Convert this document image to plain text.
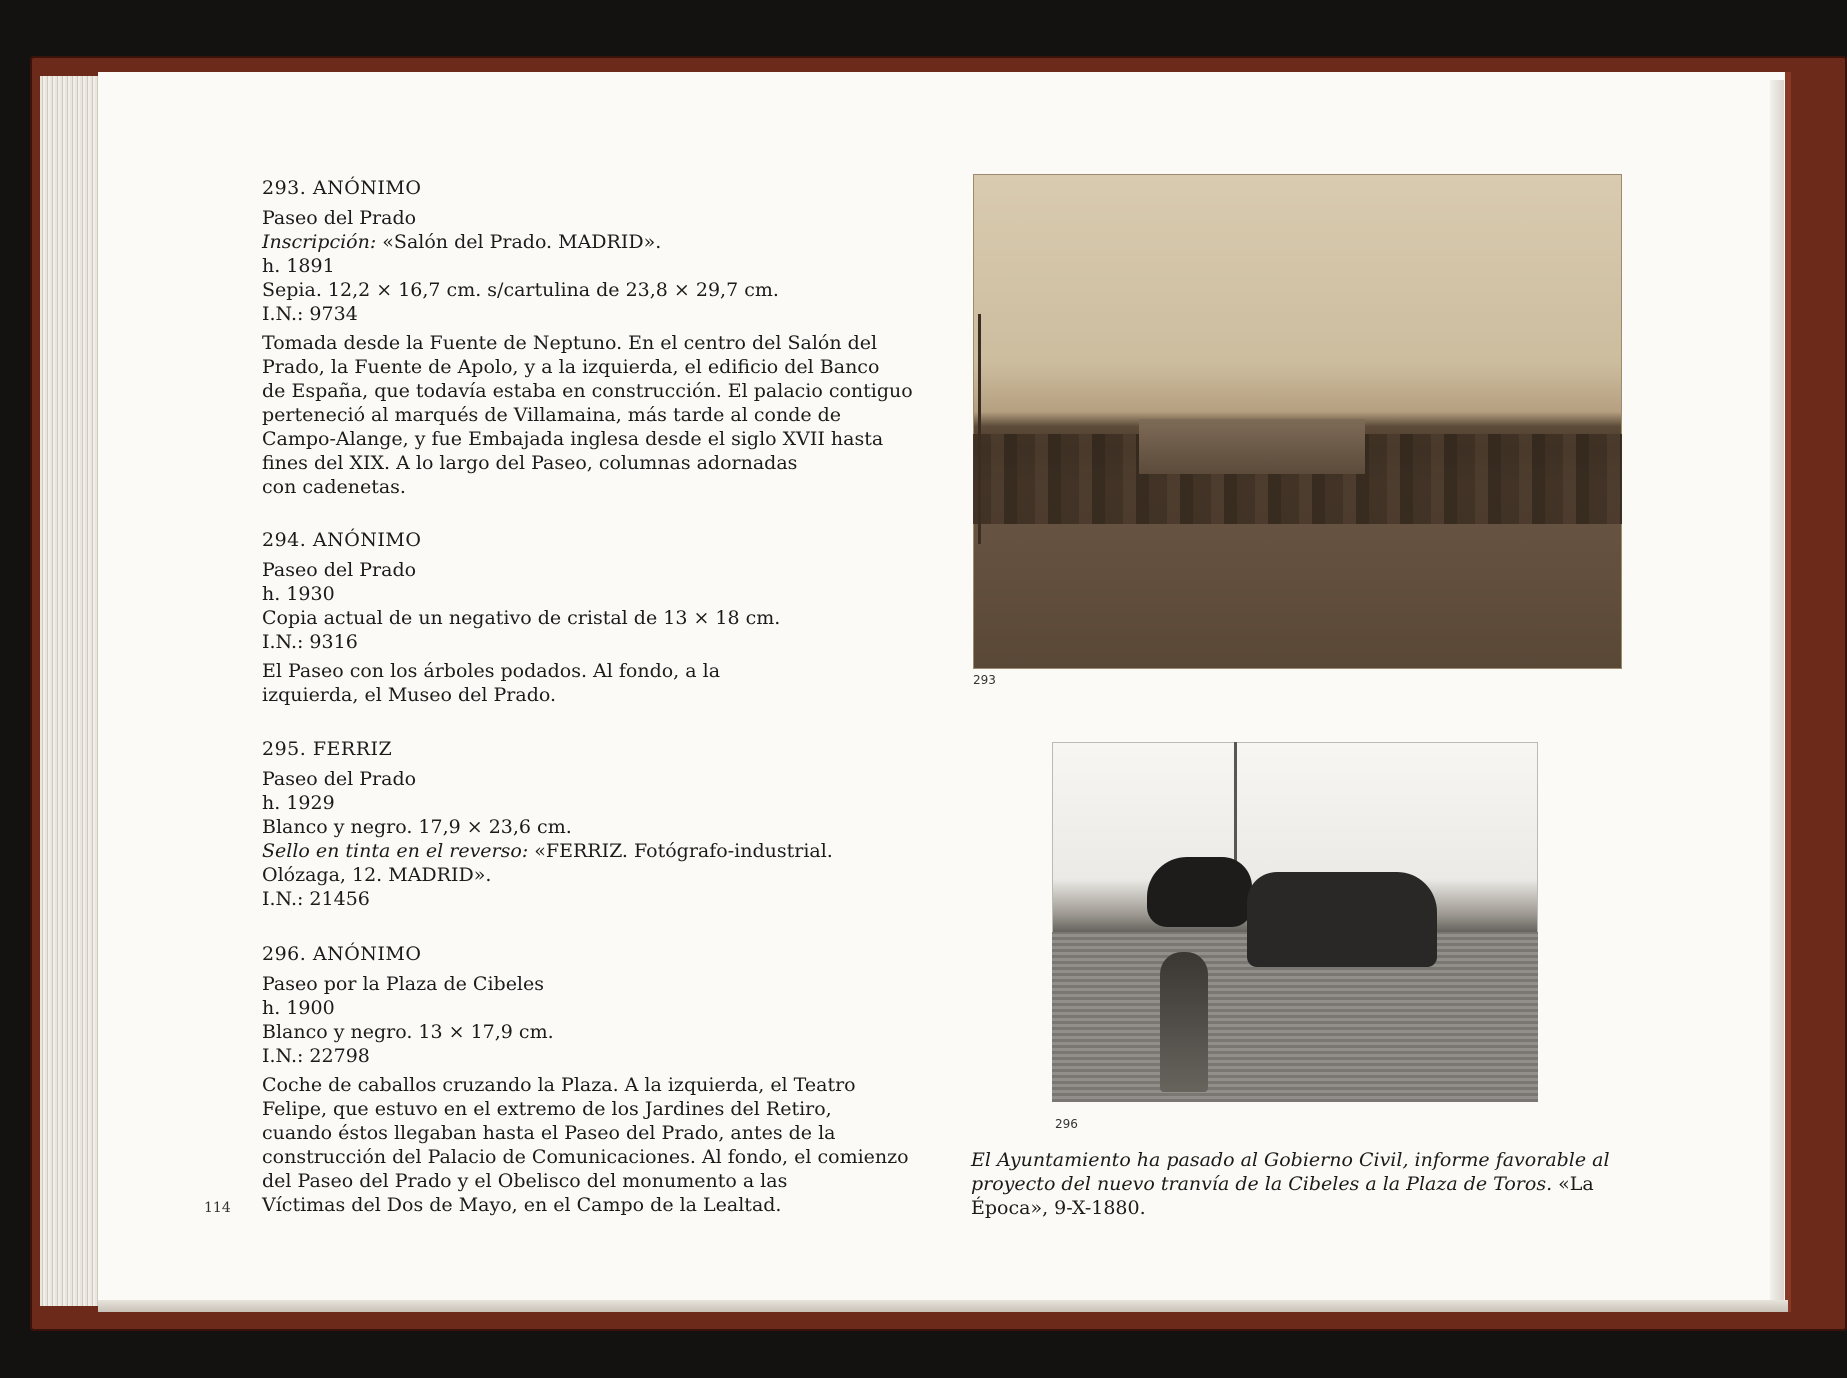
293. ANÓNIMO
Paseo del Prado
Inscripción: «Salón del Prado. MADRID».
h. 1891
Sepia. 12,2 × 16,7 cm. s/cartulina de 23,8 × 29,7 cm.
I.N.: 9734
Tomada desde la Fuente de Neptuno. En el centro del Salón del
Prado, la Fuente de Apolo, y a la izquierda, el edificio del Banco
de España, que todavía estaba en construcción. El palacio contiguo
perteneció al marqués de Villamaina, más tarde al conde de
Campo-Alange, y fue Embajada inglesa desde el siglo XVII hasta
fines del XIX. A lo largo del Paseo, columnas adornadas
con cadenetas.
294. ANÓNIMO
Paseo del Prado
h. 1930
Copia actual de un negativo de cristal de 13 × 18 cm.
I.N.: 9316
El Paseo con los árboles podados. Al fondo, a la
izquierda, el Museo del Prado.
295. FERRIZ
Paseo del Prado
h. 1929
Blanco y negro. 17,9 × 23,6 cm.
Sello en tinta en el reverso: «FERRIZ. Fotógrafo-industrial.
Olózaga, 12. MADRID».
I.N.: 21456
296. ANÓNIMO
Paseo por la Plaza de Cibeles
h. 1900
Blanco y negro. 13 × 17,9 cm.
I.N.: 22798
Coche de caballos cruzando la Plaza. A la izquierda, el Teatro
Felipe, que estuvo en el extremo de los Jardines del Retiro,
cuando éstos llegaban hasta el Paseo del Prado, antes de la
construcción del Palacio de Comunicaciones. Al fondo, el comienzo
del Paseo del Prado y el Obelisco del monumento a las
Víctimas del Dos de Mayo, en el Campo de la Lealtad.
114
293
296
El Ayuntamiento ha pasado al Gobierno Civil, informe favorable al proyecto del nuevo tranvía de la Cibeles a la Plaza de Toros. «La Época», 9-X-1880.
